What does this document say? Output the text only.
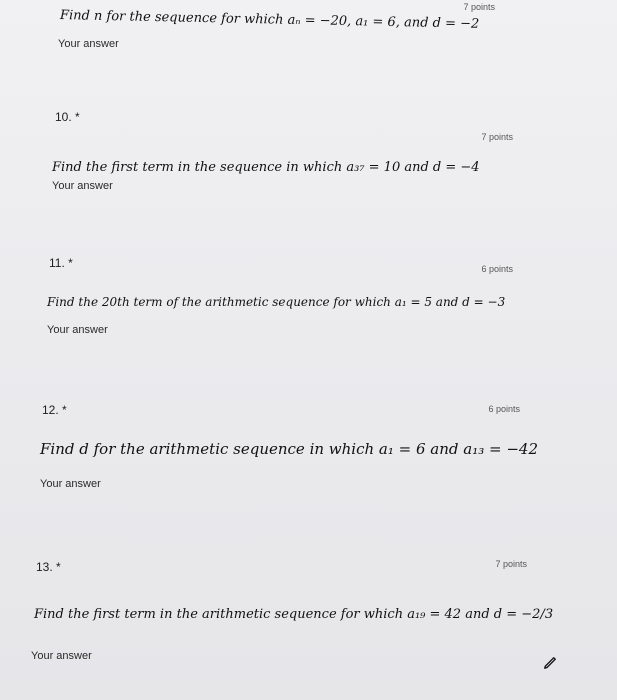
7 points
Find n for the sequence for which aₙ = −20, a₁ = 6, and d = −2
Your answer
10. *
7 points
Find the first term in the sequence in which a₃₇ = 10 and d = −4
Your answer
11. *	6 points
Find the 20th term of the arithmetic sequence for which a₁ = 5 and d = −3
Your answer
12. *	6 points
Find d for the arithmetic sequence in which a₁ = 6 and a₁₃ = −42
Your answer
13. *	7 points
Find the first term in the arithmetic sequence for which a₁₉ = 42 and d = −2/3
Your answer
